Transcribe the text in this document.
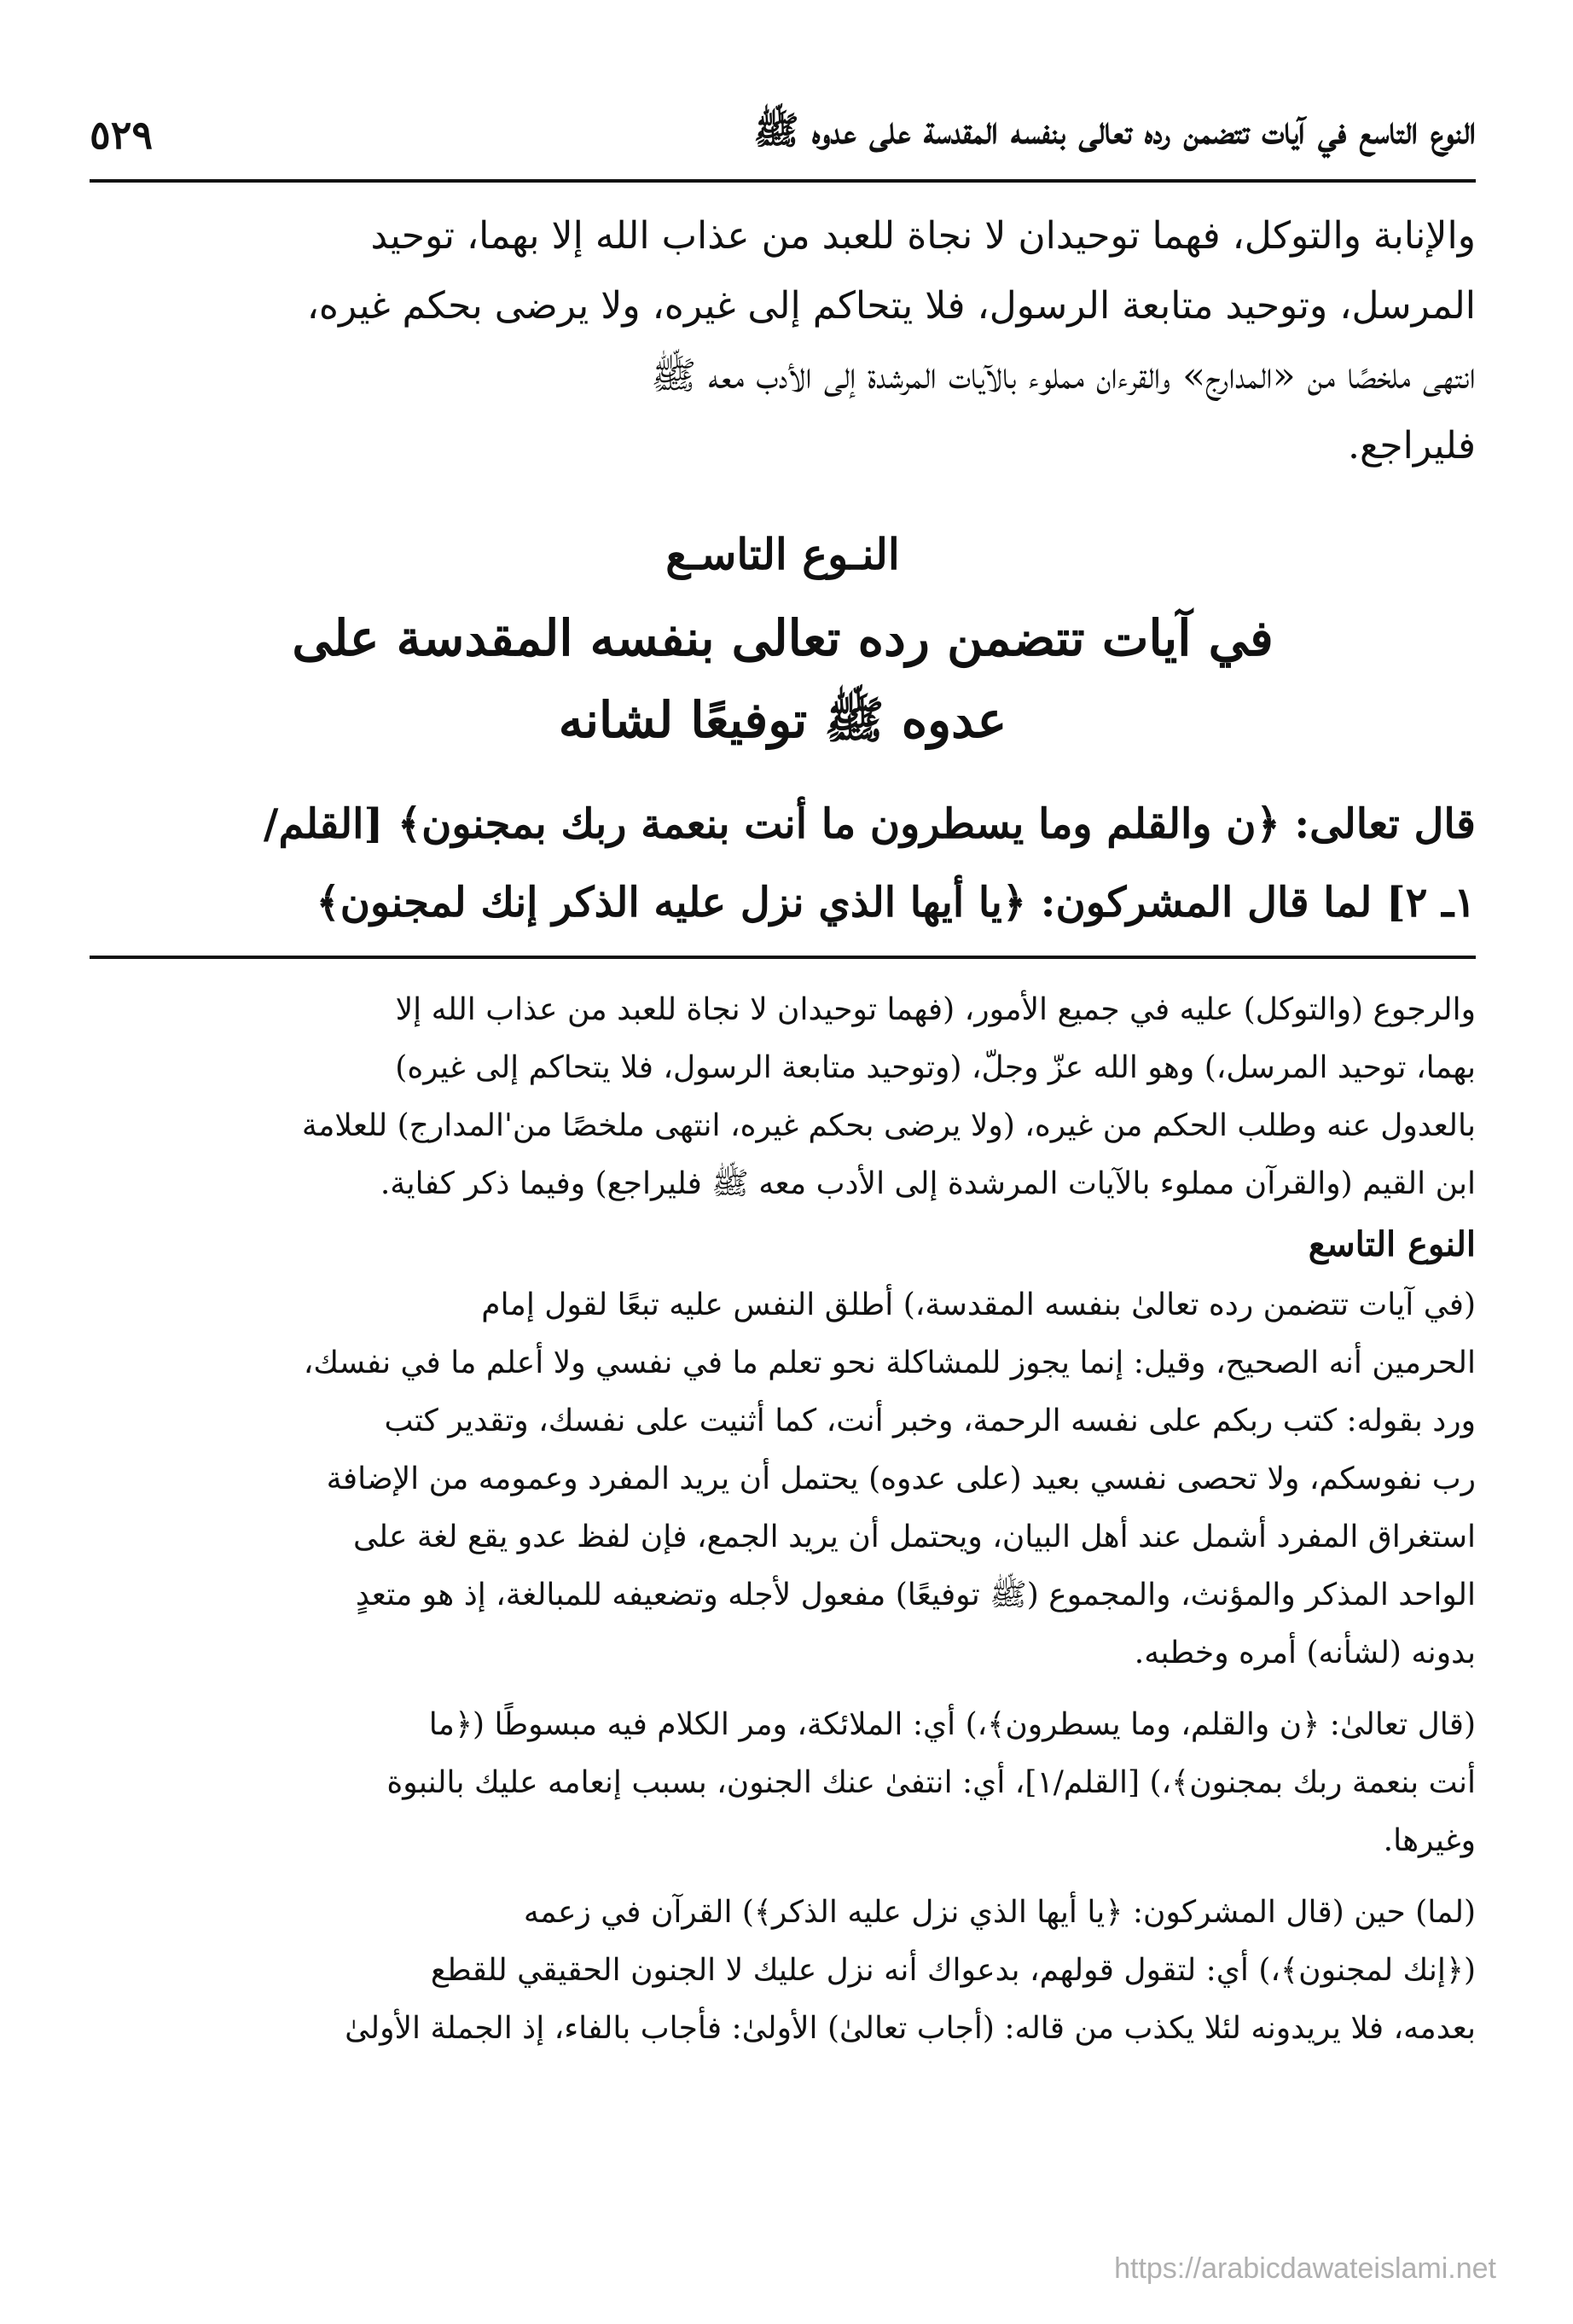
النوع التاسع في آيات تتضمن رده تعالى بنفسه المقدسة على عدوه ﷺ
٥٢٩

والإنابة والتوكل، فهما توحيدان لا نجاة للعبد من عذاب الله إلا بهما، توحيد

المرسل، وتوحيد متابعة الرسول، فلا يتحاكم إلى غيره، ولا يرضى بحكم غيره،

انتهى ملخصًا من «المدارج» والقرءان مملوء بالآيات المرشدة إلى الأدب معه ﷺ

فليراجع.

النـوع التاسـع
في آيات تتضمن رده تعالى بنفسه المقدسة على
عدوه ﷺ توفيعًا لشانه

قال تعالى: ﴿ن والقلم وما يسطرون ما أنت بنعمة ربك بمجنون﴾ [القلم/

١ـ ٢] لما قال المشركون: ﴿يا أيها الذي نزل عليه الذكر إنك لمجنون﴾

والرجوع (والتوكل) عليه في جميع الأمور، (فهما توحيدان لا نجاة للعبد من عذاب الله إلا

بهما، توحيد المرسل،) وهو الله عزّ وجلّ، (وتوحيد متابعة الرسول، فلا يتحاكم إلى غيره)

بالعدول عنه وطلب الحكم من غيره، (ولا يرضى بحكم غيره، انتهى ملخصًا من'المدارج) للعلامة

ابن القيم (والقرآن مملوء بالآيات المرشدة إلى الأدب معه ﷺ فليراجع) وفيما ذكر كفاية.

النوع التاسع

(في آيات تتضمن رده تعالىٰ بنفسه المقدسة،) أطلق النفس عليه تبعًا لقول إمام

الحرمين أنه الصحيح، وقيل: إنما يجوز للمشاكلة نحو تعلم ما في نفسي ولا أعلم ما في نفسك،

ورد بقوله: كتب ربكم على نفسه الرحمة، وخبر أنت، كما أثنيت على نفسك، وتقدير كتب

رب نفوسكم، ولا تحصى نفسي بعيد (على عدوه) يحتمل أن يريد المفرد وعمومه من الإضافة

استغراق المفرد أشمل عند أهل البيان، ويحتمل أن يريد الجمع، فإن لفظ عدو يقع لغة على

الواحد المذكر والمؤنث، والمجموع (ﷺ توفيعًا) مفعول لأجله وتضعيفه للمبالغة، إذ هو متعدٍ

بدونه (لشأنه) أمره وخطبه.

(قال تعالىٰ: ﴿ن والقلم، وما يسطرون﴾،) أي: الملائكة، ومر الكلام فيه مبسوطًا (﴿ما

أنت بنعمة ربك بمجنون﴾،) [القلم/١]، أي: انتفىٰ عنك الجنون، بسبب إنعامه عليك بالنبوة

وغيرها.

(لما) حين (قال المشركون: ﴿يا أيها الذي نزل عليه الذكر﴾) القرآن في زعمه

(﴿إنك لمجنون﴾،) أي: لتقول قولهم، بدعواك أنه نزل عليك لا الجنون الحقيقي للقطع

بعدمه، فلا يريدونه لئلا يكذب من قاله: (أجاب تعالىٰ) الأولىٰ: فأجاب بالفاء، إذ الجملة الأولىٰ

https://arabicdawateislami.net
